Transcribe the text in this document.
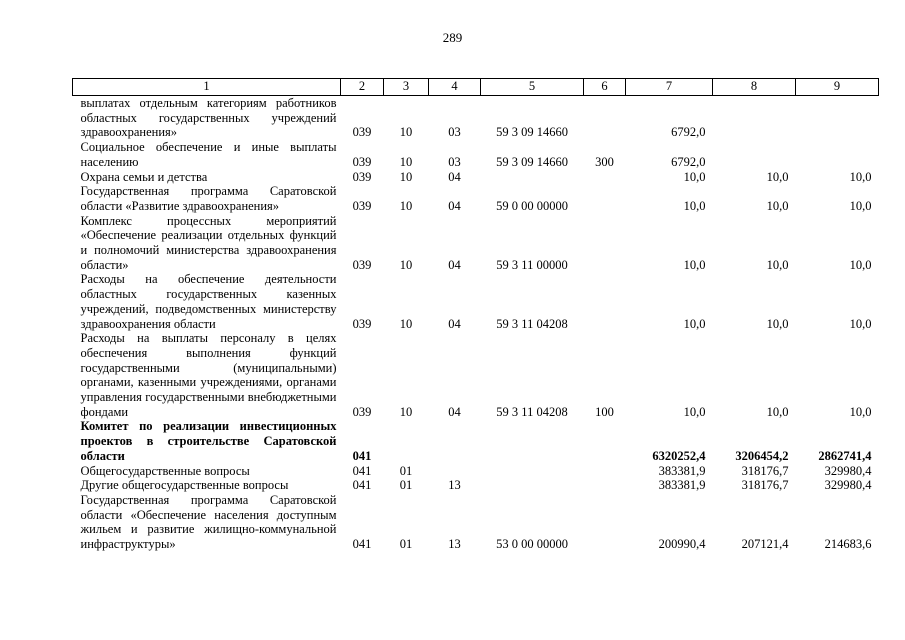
289
1	2	3	4	5	6	7	8	9
выплатах отдельным категориям работников областных государственных учреждений здравоохранения»	039	10	03	59 3 09 14660		6792,0		
Социальное обеспечение и иные выплаты населению	039	10	03	59 3 09 14660	300	6792,0		
Охрана семьи и детства	039	10	04			10,0	10,0	10,0
Государственная программа Саратовской области «Развитие здравоохранения»	039	10	04	59 0 00 00000		10,0	10,0	10,0
Комплекс процессных мероприятий «Обеспечение реализации отдельных функций и полномочий министерства здравоохранения области»	039	10	04	59 3 11 00000		10,0	10,0	10,0
Расходы на обеспечение деятельности областных государственных казенных учреждений, подведомственных министерству здравоохранения области	039	10	04	59 3 11 04208		10,0	10,0	10,0
Расходы на выплаты персоналу в целях обеспечения выполнения функций государственными (муниципальными) органами, казенными учреждениями, органами управления государственными внебюджетными фондами	039	10	04	59 3 11 04208	100	10,0	10,0	10,0
Комитет по реализации инвестиционных проектов в строительстве Саратовской области	041					6320252,4	3206454,2	2862741,4
Общегосударственные вопросы	041	01				383381,9	318176,7	329980,4
Другие общегосударственные вопросы	041	01	13			383381,9	318176,7	329980,4
Государственная программа Саратовской области «Обеспечение населения доступным жильем и развитие жилищно-коммунальной инфраструктуры»	041	01	13	53 0 00 00000		200990,4	207121,4	214683,6
